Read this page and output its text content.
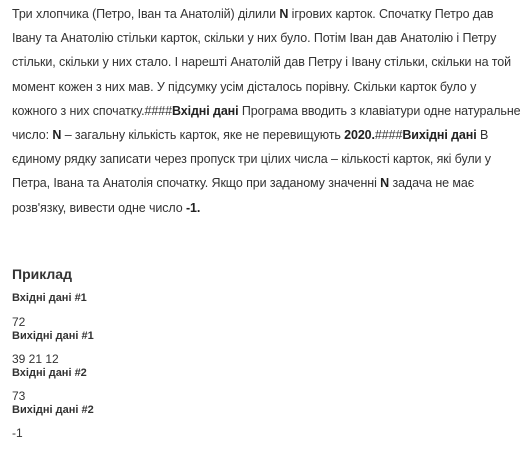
Три хлопчика (Петро, Іван та Анатолій) ділили N ігрових карток. Спочатку Петро дав Івану та Анатолію стільки карток, скільки у них було. Потім Іван дав Анатолію і Петру стільки, скільки у них стало. І нарешті Анатолій дав Петру і Івану стільки, скільки на той момент кожен з них мав. У підсумку усім дісталось порівну. Скільки карток було у кожного з них спочатку.####Вхідні дані Програма вводить з клавіатури одне натуральне число: N – загальну кількість карток, яке не перевищують 2020.####Вихідні дані В єдиному рядку записати через пропуск три цілих числа – кількості карток, які були у Петра, Івана та Анатолія спочатку. Якщо при заданому значенні N задача не має розв'язку, вивести одне число -1.
Приклад
Вхідні дані #1
72
Вихідні дані #1
39 21 12
Вхідні дані #2
73
Вихідні дані #2
-1
